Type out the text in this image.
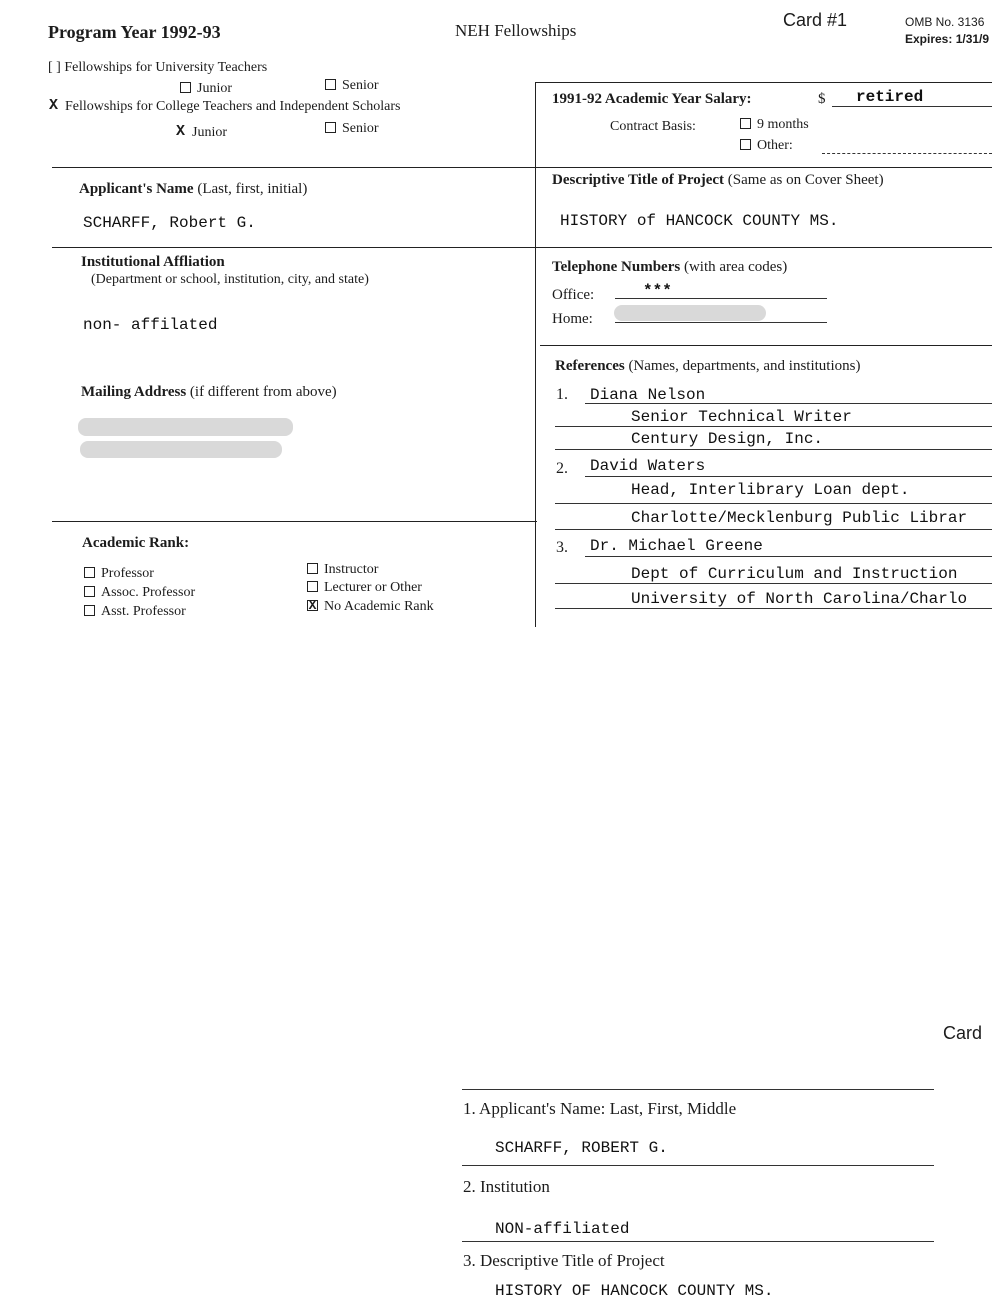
Program Year 1992-93	NEH Fellowships
Card #1	OMB No. 3136
Expires: 1/31/9
[ ] Fellowships for University Teachers
Junior	Senior
X Fellowships for College Teachers and Independent Scholars
X Junior	Senior
1991-92 Academic Year Salary:	$ retired
Contract Basis:	9 months
Other:
Applicant's Name (Last, first, initial)
SCHARFF, Robert G.
Descriptive Title of Project (Same as on Cover Sheet)
HISTORY of HANCOCK COUNTY MS.
Institutional Affliation
(Department or school, institution, city, and state)
non- affilated
Telephone Numbers (with area codes)
Office:	***
Home:
Mailing Address (if different from above)
References (Names, departments, and institutions)
1. Diana Nelson
Senior Technical Writer
Century Design, Inc.
2. David Waters
Head, Interlibrary Loan dept.
Charlotte/Mecklenburg Public Librar
3. Dr. Michael Greene
Dept of Curriculum and Instruction
University of North Carolina/Charlo
Academic Rank:
Professor
Assoc. Professor
Asst. Professor
Instructor
Lecturer or Other
X No Academic Rank
Card
1. Applicant's Name: Last, First, Middle
SCHARFF, ROBERT G.
2. Institution
NON-affiliated
3. Descriptive Title of Project
HISTORY OF HANCOCK COUNTY MS.
